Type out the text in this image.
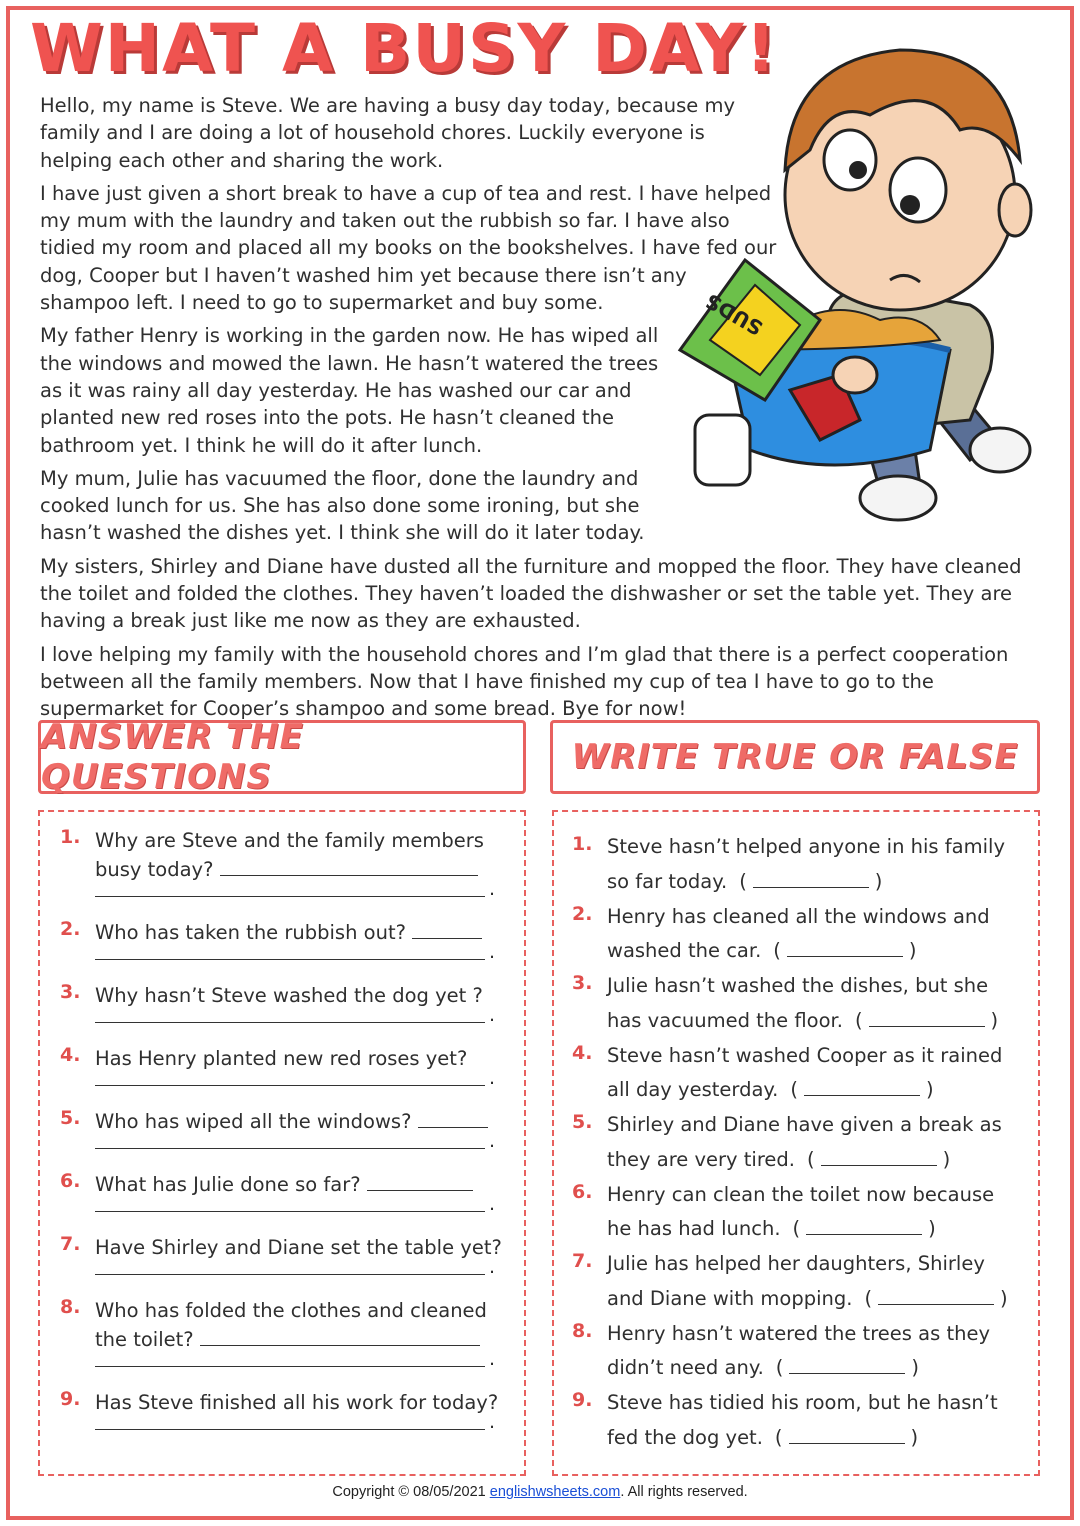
WHAT A BUSY DAY!
SUDS

Hello, my name is Steve. We are having a busy day today, because my family and I are doing a lot of household chores. Luckily everyone is helping each other and sharing the work.

I have just given a short break to have a cup of tea and rest. I have helped my mum with the laundry and taken out the rubbish so far. I have also tidied my room and placed all my books on the bookshelves. I have fed our dog, Cooper but I haven’t washed him yet because there isn’t any shampoo left. I need to go to supermarket and buy some.

My father Henry is working in the garden now. He has wiped all the windows and mowed the lawn. He hasn’t watered the trees as it was rainy all day yesterday. He has washed our car and planted new red roses into the pots. He hasn’t cleaned the bathroom yet. I think he will do it after lunch.

My mum, Julie has vacuumed the floor, done the laundry and cooked lunch for us. She has also done some ironing, but she hasn’t washed the dishes yet. I think she will do it later today.

My sisters, Shirley and Diane have dusted all the furniture and mopped the floor. They have cleaned the toilet and folded the clothes. They haven’t loaded the dishwasher or set the table yet. They are having a break just like me now as they are exhausted.

I love helping my family with the household chores and I’m glad that there is a perfect cooperation between all the family members. Now that I have finished my cup of tea I have to go to the supermarket for Cooper’s shampoo and some bread. Bye for now!

ANSWER THE QUESTIONS	WRITE TRUE OR FALSE
1. Why are Steve and the family members busy today?
.
2. Who has taken the rubbish out?
.
3. Why hasn’t Steve washed the dog yet ?
.
4. Has Henry planted new red roses yet?
.
5. Who has wiped all the windows?
.
6. What has Julie done so far?
.
7. Have Shirley and Diane set the table yet?
.
8. Who has folded the clothes and cleaned the toilet?
.
9. Has Steve finished all his work for today?
.
1. Steve hasn’t helped anyone in his family so far today. (	)
2. Henry has cleaned all the windows and washed the car. (	)
3. Julie hasn’t washed the dishes, but she has vacuumed the floor. (	)
4. Steve hasn’t washed Cooper as it rained all day yesterday. (	)
5. Shirley and Diane have given a break as they are very tired. (	)
6. Henry can clean the toilet now because he has had lunch. (	)
7. Julie has helped her daughters, Shirley and Diane with mopping. (	)
8. Henry hasn’t watered the trees as they didn’t need any. (	)
9. Steve has tidied his room, but he hasn’t fed the dog yet. (	)
Copyright © 08/05/2021 englishwsheets.com. All rights reserved.
